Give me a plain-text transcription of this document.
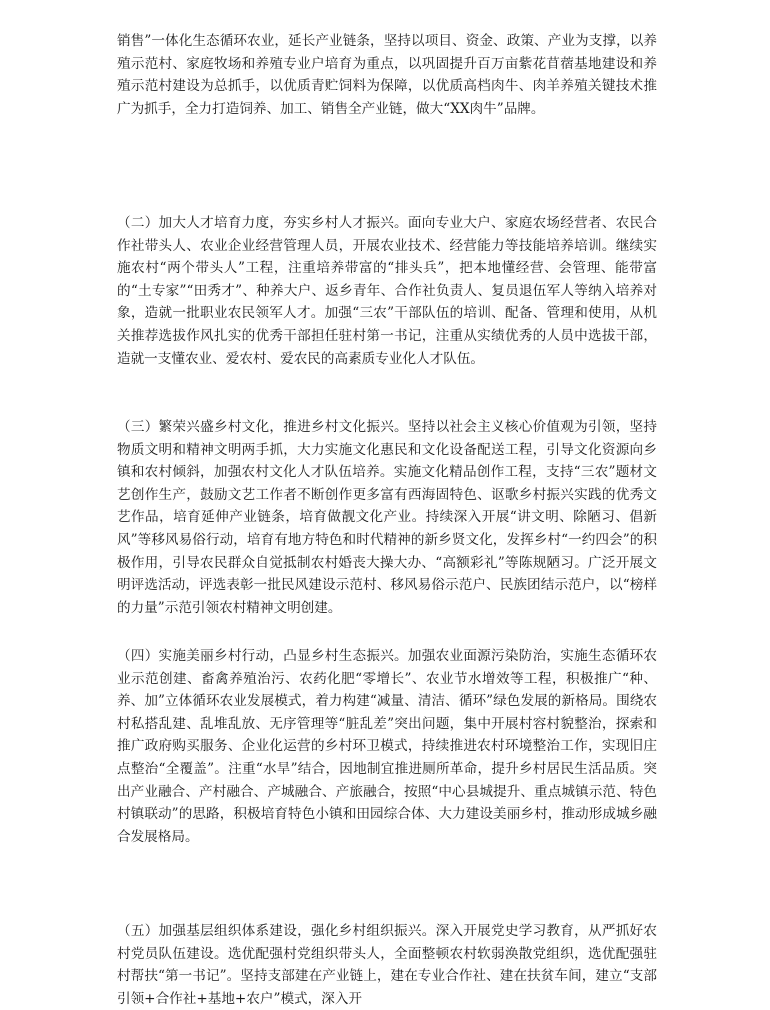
销售”一体化生态循环农业，延长产业链条，坚持以项目、资金、政策、产业为支撑，以养殖示范村、家庭牧场和养殖专业户培育为重点，以巩固提升百万亩紫花苜蓿基地建设和养殖示范村建设为总抓手，以优质青贮饲料为保障，以优质高档肉牛、肉羊养殖关键技术推广为抓手，全力打造饲养、加工、销售全产业链，做大“XX肉牛”品牌。

（二）加大人才培育力度，夯实乡村人才振兴。面向专业大户、家庭农场经营者、农民合作社带头人、农业企业经营管理人员，开展农业技术、经营能力等技能培养培训。继续实施农村“两个带头人”工程，注重培养带富的“排头兵”，把本地懂经营、会管理、能带富的“土专家”“田秀才”、种养大户、返乡青年、合作社负责人、复员退伍军人等纳入培养对象，造就一批职业农民领军人才。加强“三农”干部队伍的培训、配备、管理和使用，从机关推荐选拔作风扎实的优秀干部担任驻村第一书记，注重从实绩优秀的人员中选拔干部，造就一支懂农业、爱农村、爱农民的高素质专业化人才队伍。

（三）繁荣兴盛乡村文化，推进乡村文化振兴。坚持以社会主义核心价值观为引领，坚持物质文明和精神文明两手抓，大力实施文化惠民和文化设备配送工程，引导文化资源向乡镇和农村倾斜，加强农村文化人才队伍培养。实施文化精品创作工程，支持“三农”题材文艺创作生产，鼓励文艺工作者不断创作更多富有西海固特色、讴歌乡村振兴实践的优秀文艺作品，培育延伸产业链条，培育做靓文化产业。持续深入开展“讲文明、除陋习、倡新风”等移风易俗行动，培育有地方特色和时代精神的新乡贤文化，发挥乡村“一约四会”的积极作用，引导农民群众自觉抵制农村婚丧大操大办、“高额彩礼”等陈规陋习。广泛开展文明评选活动，评选表彰一批民风建设示范村、移风易俗示范户、民族团结示范户，以“榜样的力量”示范引领农村精神文明创建。

（四）实施美丽乡村行动，凸显乡村生态振兴。加强农业面源污染防治，实施生态循环农业示范创建、畜禽养殖治污、农药化肥“零增长”、农业节水增效等工程，积极推广“种、养、加”立体循环农业发展模式，着力构建“减量、清洁、循环”绿色发展的新格局。围绕农村私搭乱建、乱堆乱放、无序管理等“脏乱差”突出问题，集中开展村容村貌整治，探索和推广政府购买服务、企业化运营的乡村环卫模式，持续推进农村环境整治工作，实现旧庄点整治“全覆盖”。注重“水旱”结合，因地制宜推进厕所革命，提升乡村居民生活品质。突出产业融合、产村融合、产城融合、产旅融合，按照“中心县城提升、重点城镇示范、特色村镇联动”的思路，积极培育特色小镇和田园综合体、大力建设美丽乡村，推动形成城乡融合发展格局。

（五）加强基层组织体系建设，强化乡村组织振兴。深入开展党史学习教育，从严抓好农村党员队伍建设。选优配强村党组织带头人，全面整顿农村软弱涣散党组织，选优配强驻村帮扶“第一书记”。坚持支部建在产业链上，建在专业合作社、建在扶贫车间，建立“支部引领+合作社+基地+农户”模式，深入开
